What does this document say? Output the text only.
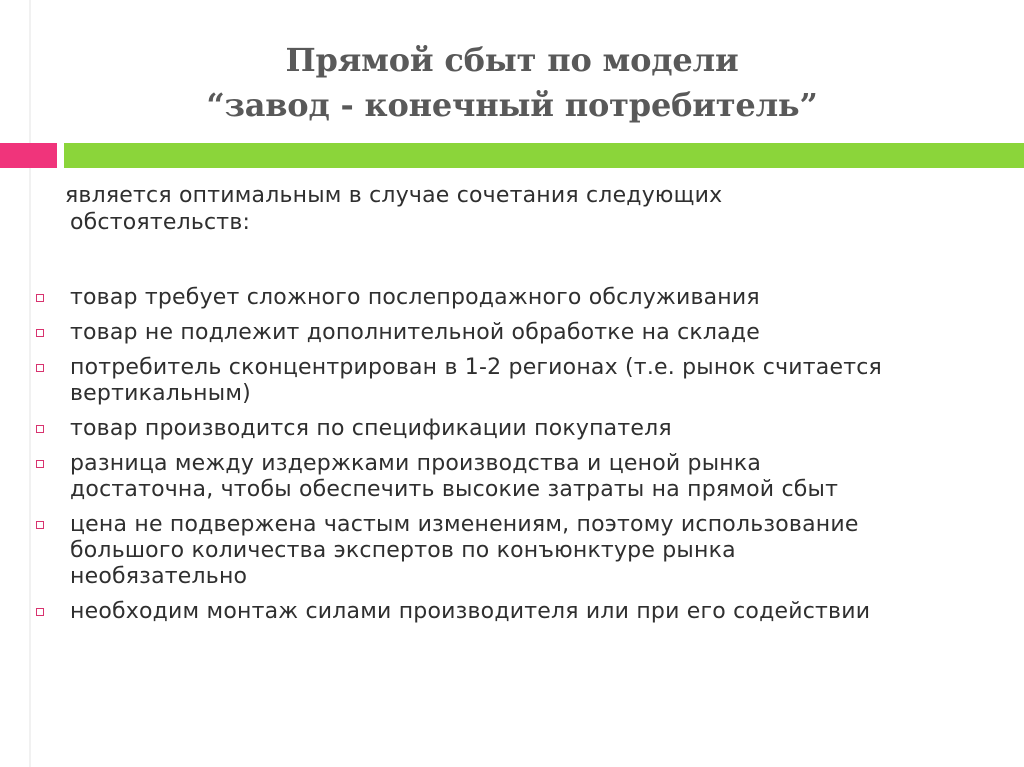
Прямой сбыт по модели
“завод - конечный потребитель”
является оптимальным в случае сочетания следующих
обстоятельств:
товар требует сложного послепродажного обслуживания
товар не подлежит дополнительной обработке на складе
потребитель сконцентрирован в 1-2 регионах (т.е. рынок считается
вертикальным)
товар производится по спецификации покупателя
разница между издержками производства и ценой рынка
достаточна, чтобы обеспечить высокие затраты на прямой сбыт
цена не подвержена частым изменениям, поэтому использование
большого количества экспертов по конъюнктуре рынка
необязательно
необходим монтаж силами производителя или при его содействии
